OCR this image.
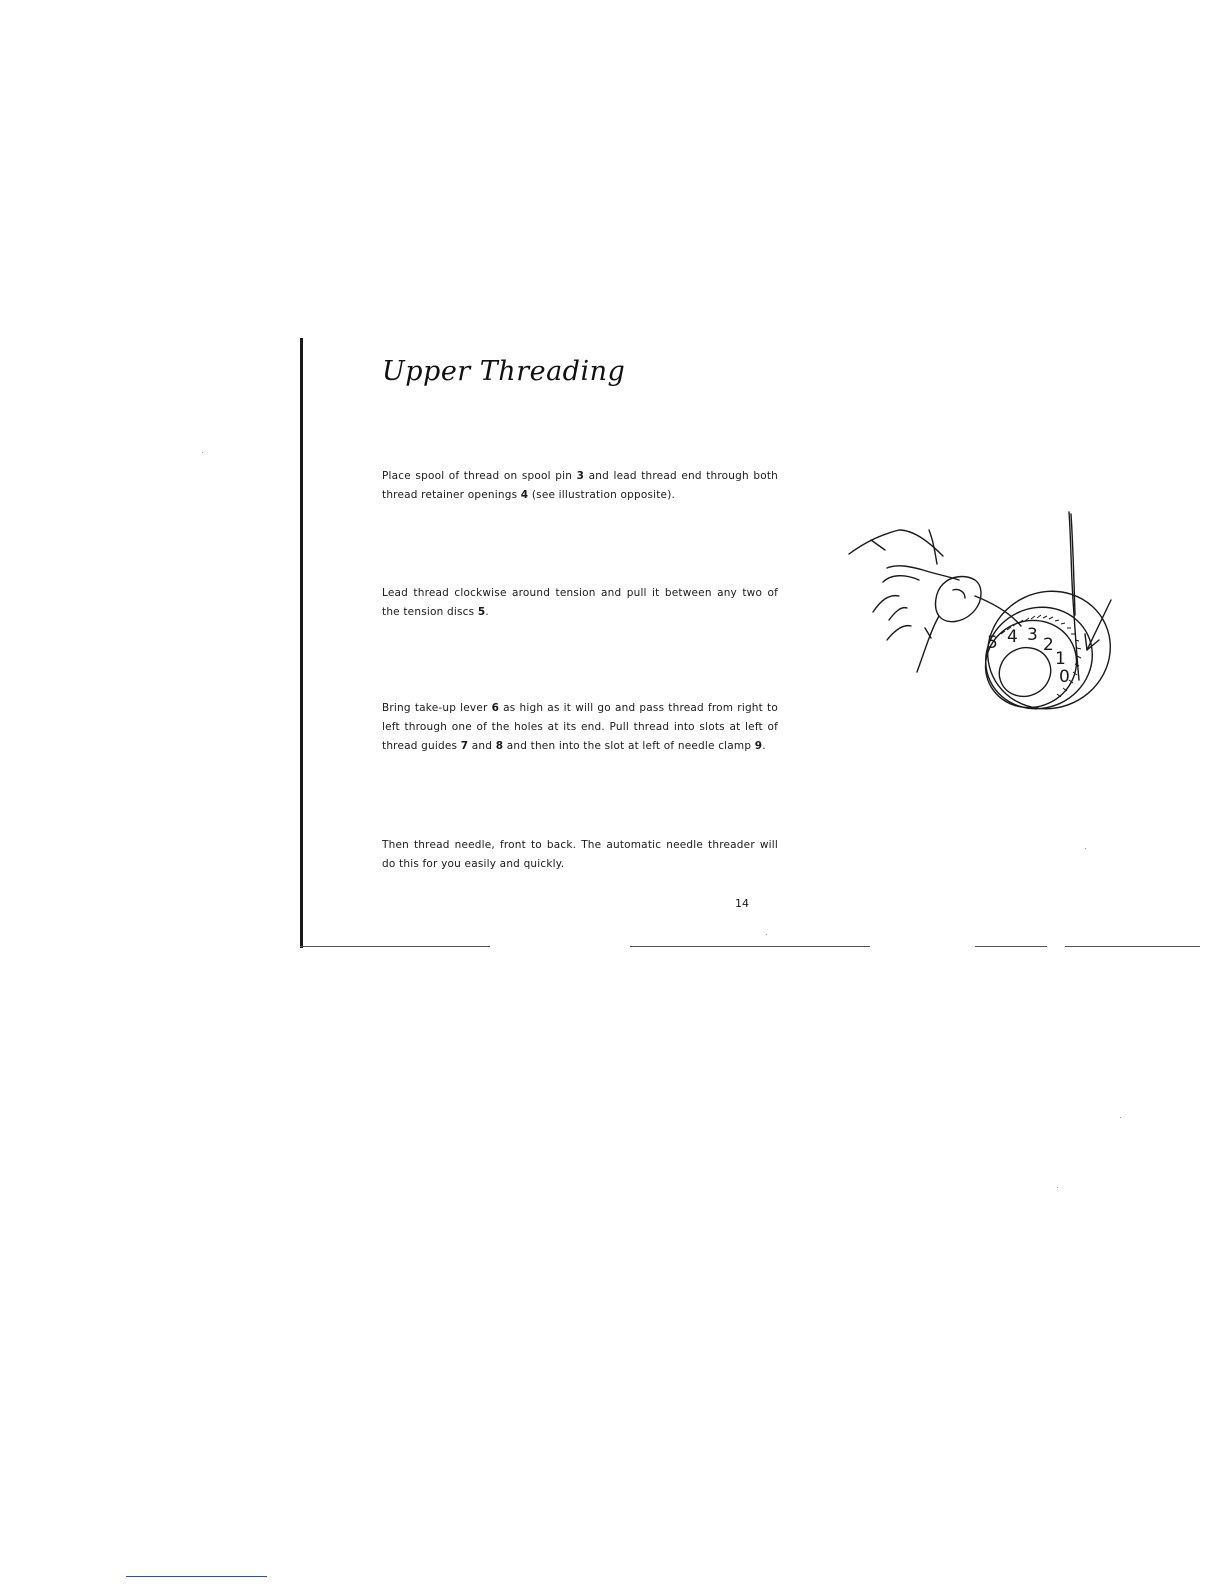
Upper Threading
Place spool of thread on spool pin 3 and lead thread end through both thread retainer openings 4 (see illustration opposite).
Lead thread clockwise around tension and pull it between any two of the tension discs 5.
Bring take-up lever 6 as high as it will go and pass thread from right to left through one of the holes at its end. Pull thread into slots at left of thread guides 7 and 8 and then into the slot at left of needle clamp 9.
Then thread needle, front to back. The automatic needle threader will do this for you easily and quickly.
5 4 3 2
1
0
14
